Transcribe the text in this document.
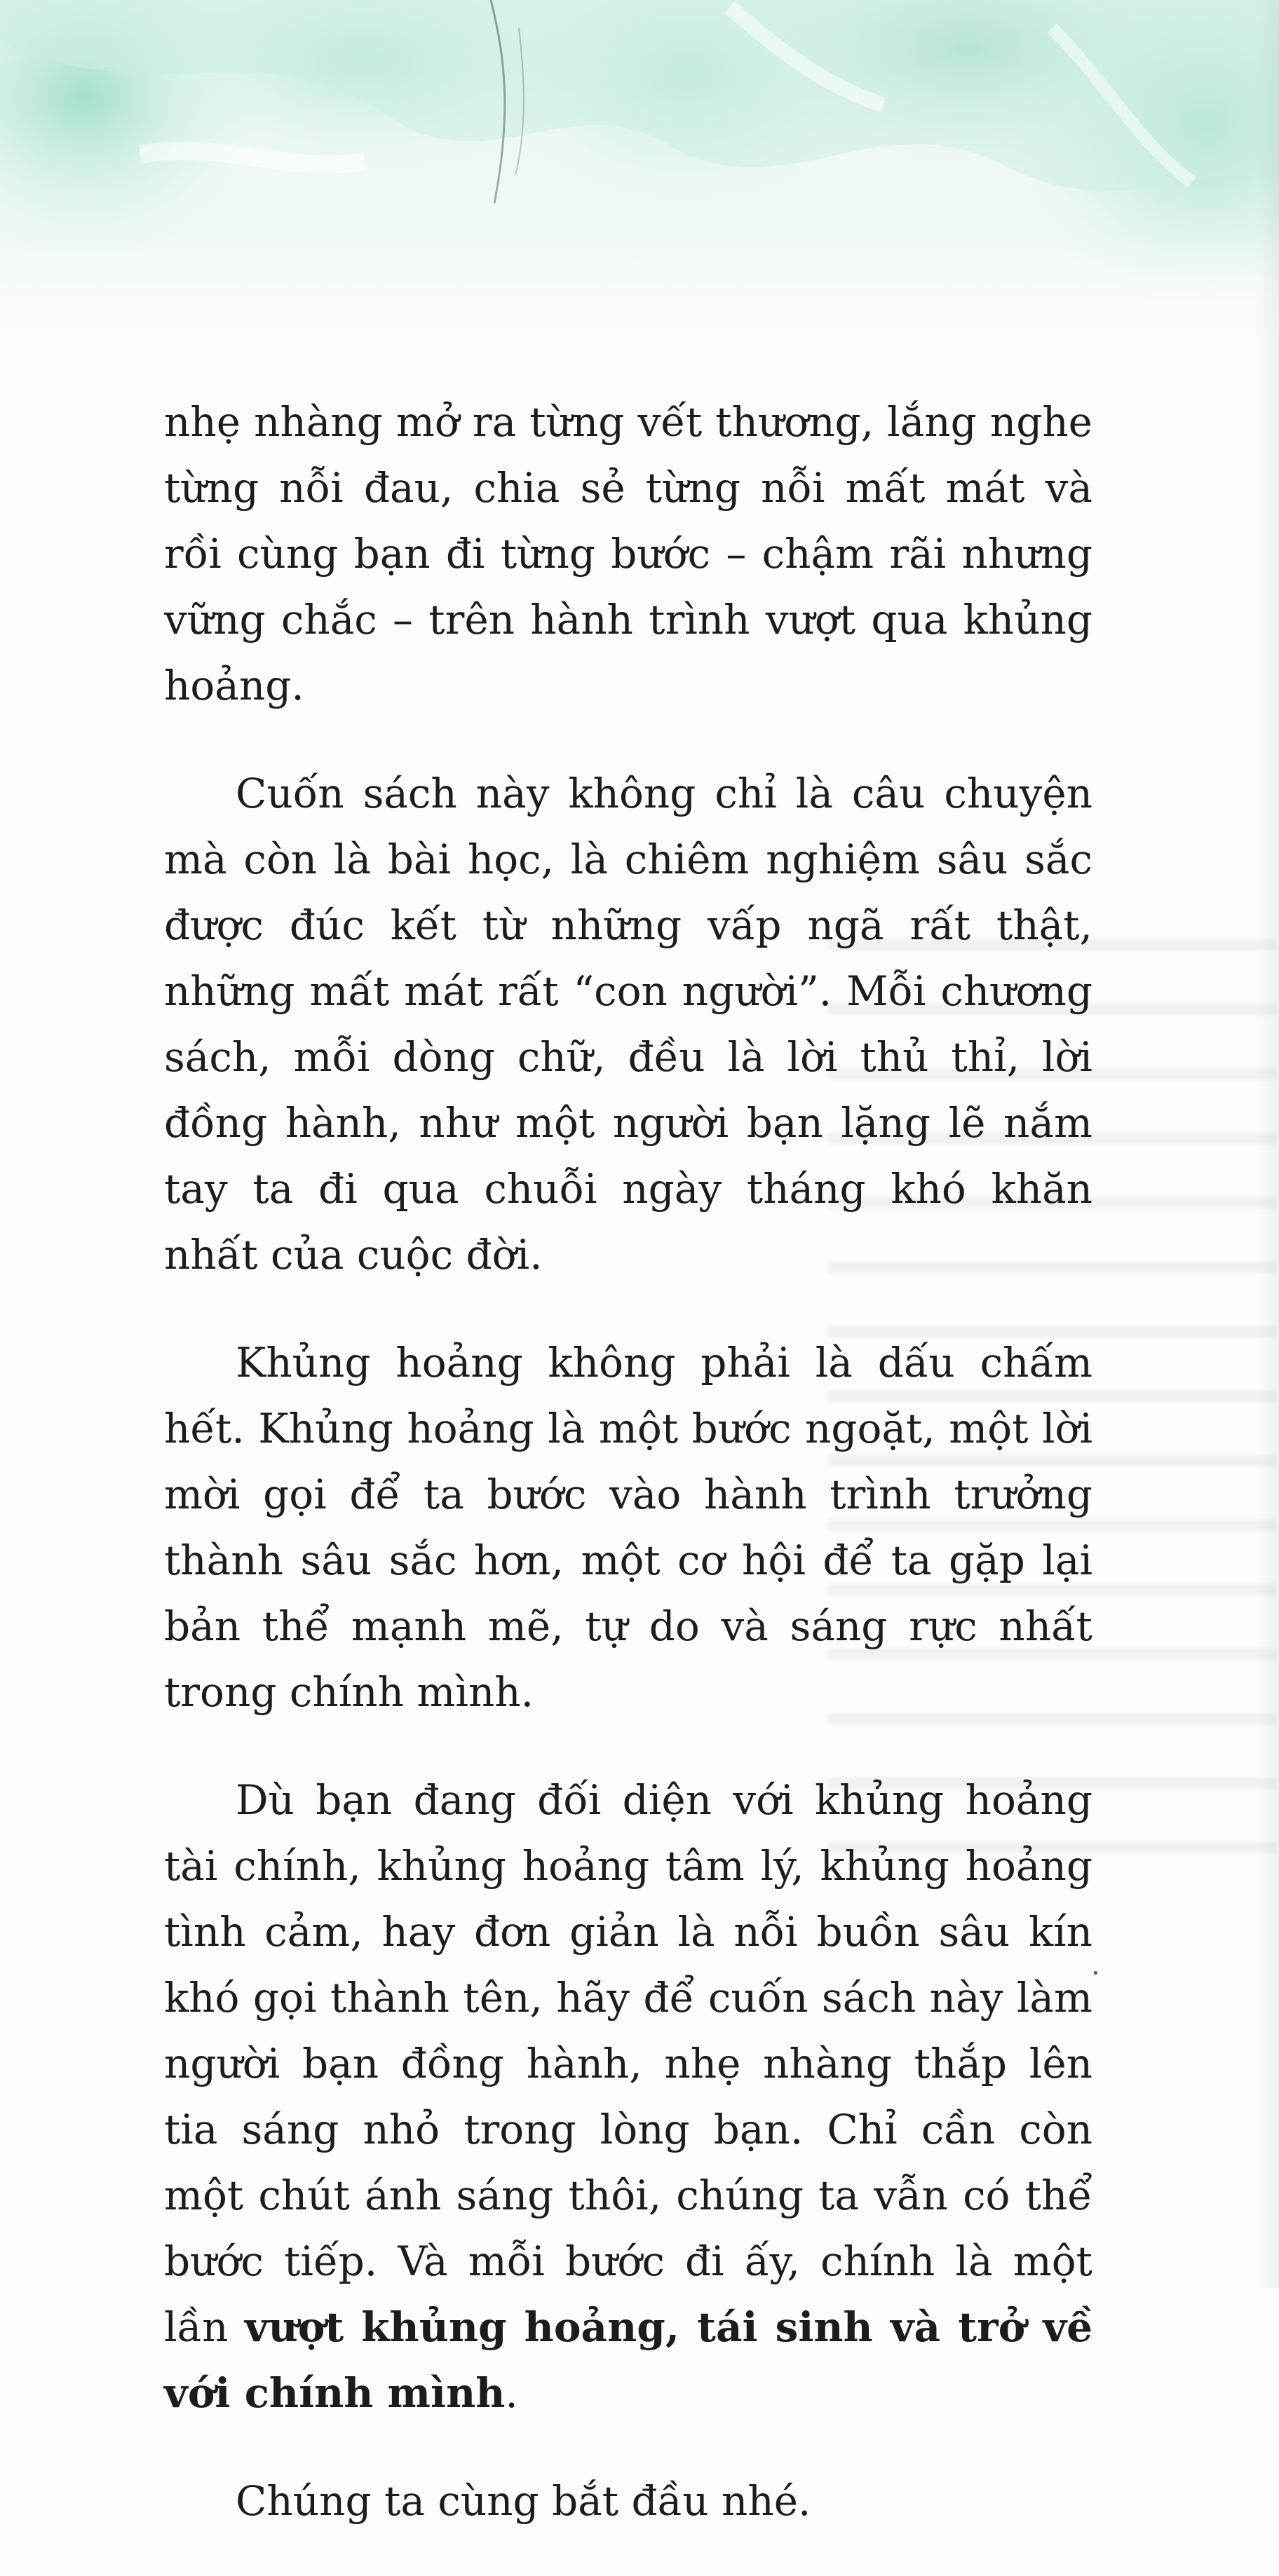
nhẹ nhàng mở ra từng vết thương, lắng nghe từng nỗi đau, chia sẻ từng nỗi mất mát và rồi cùng bạn đi từng bước – chậm rãi nhưng vững chắc – trên hành trình vượt qua khủng hoảng.

Cuốn sách này không chỉ là câu chuyện mà còn là bài học, là chiêm nghiệm sâu sắc được đúc kết từ những vấp ngã rất thật, những mất mát rất “con người”. Mỗi chương sách, mỗi dòng chữ, đều là lời thủ thỉ, lời đồng hành, như một người bạn lặng lẽ nắm tay ta đi qua chuỗi ngày tháng khó khăn nhất của cuộc đời.

Khủng hoảng không phải là dấu chấm hết. Khủng hoảng là một bước ngoặt, một lời mời gọi để ta bước vào hành trình trưởng thành sâu sắc hơn, một cơ hội để ta gặp lại bản thể mạnh mẽ, tự do và sáng rực nhất trong chính mình.

Dù bạn đang đối diện với khủng hoảng tài chính, khủng hoảng tâm lý, khủng hoảng tình cảm, hay đơn giản là nỗi buồn sâu kín khó gọi thành tên, hãy để cuốn sách này làm người bạn đồng hành, nhẹ nhàng thắp lên tia sáng nhỏ trong lòng bạn. Chỉ cần còn một chút ánh sáng thôi, chúng ta vẫn có thể bước tiếp. Và mỗi bước đi ấy, chính là một lần vượt khủng hoảng, tái sinh và trở về với chính mình.

Chúng ta cùng bắt đầu nhé.
